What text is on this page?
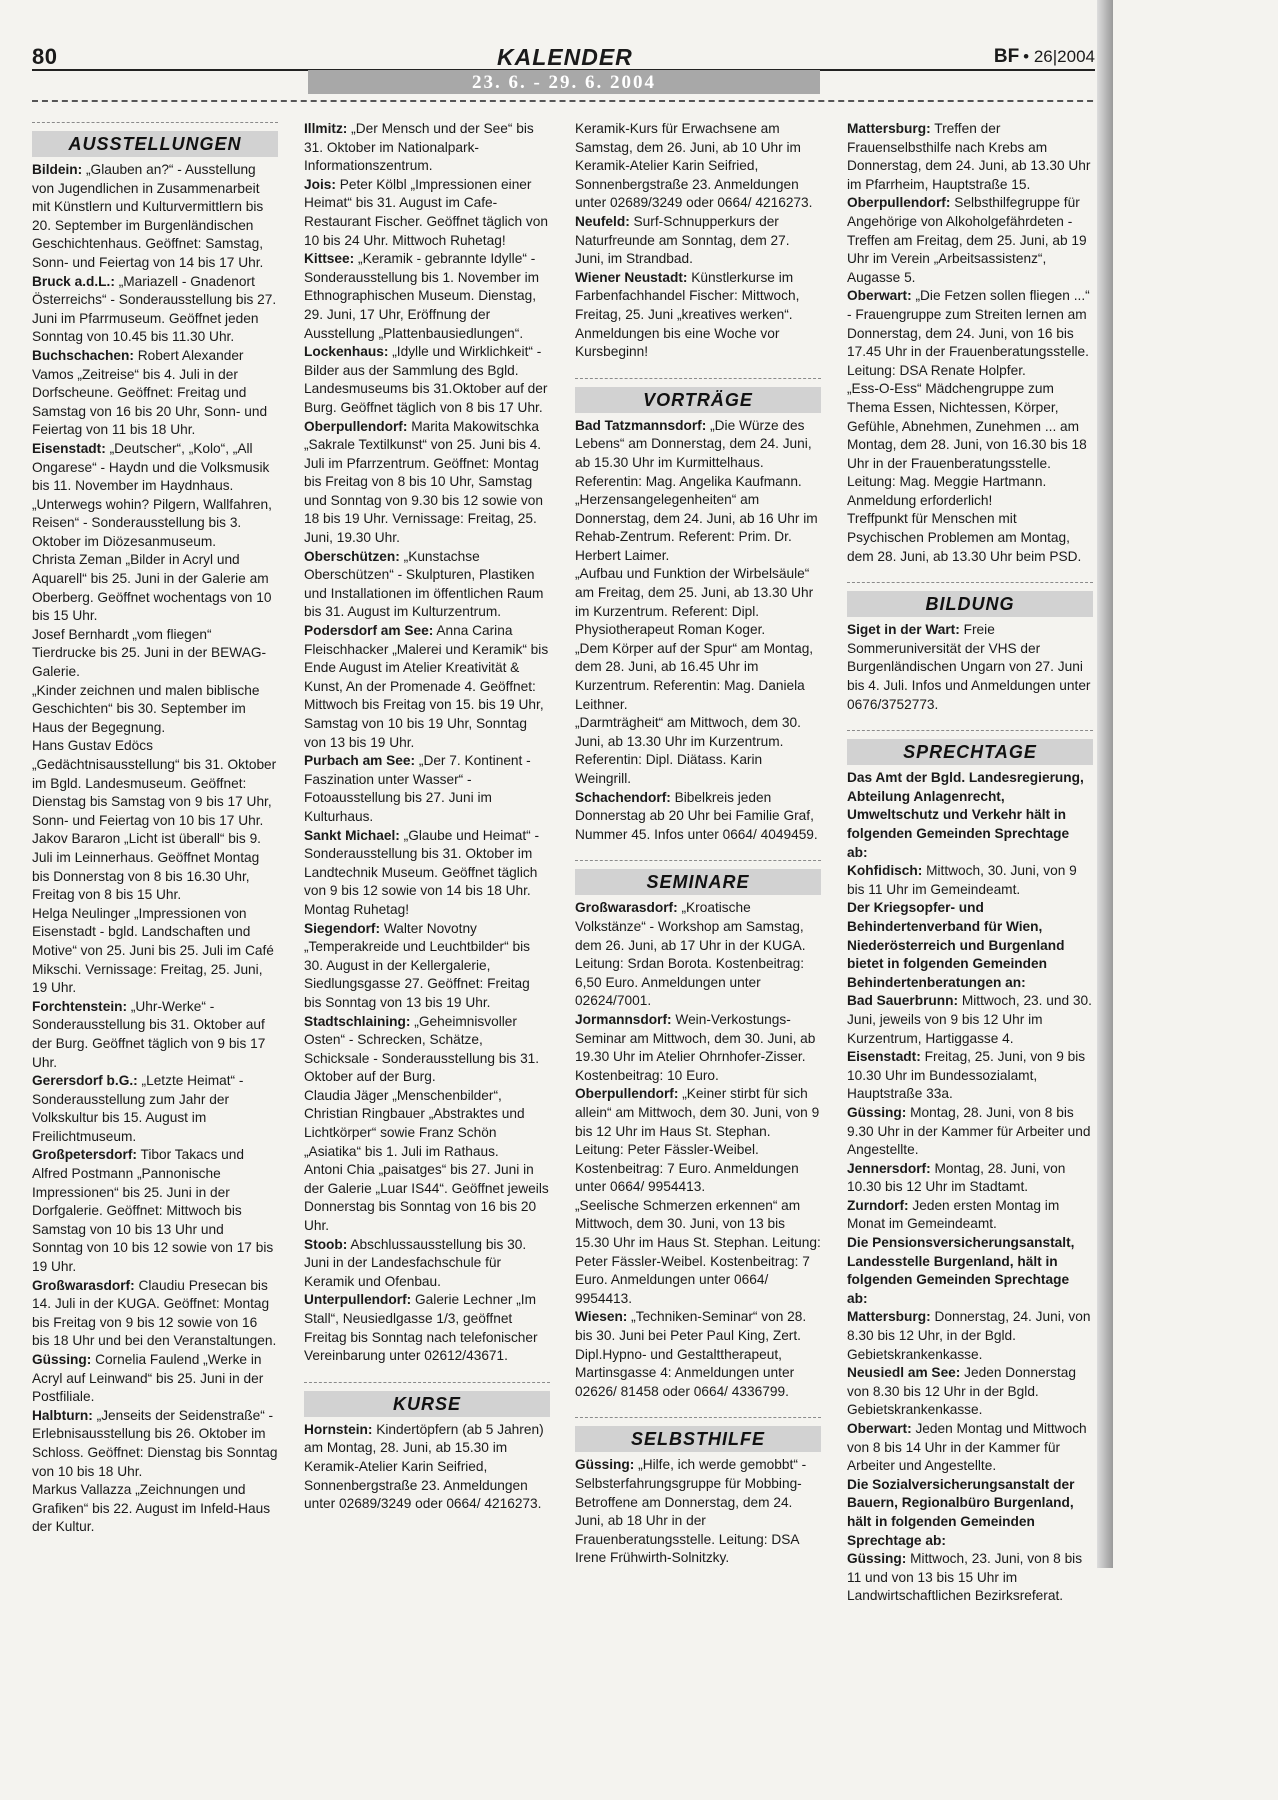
80	KALENDER	BF • 26|2004
23. 6. - 29. 6. 2004
AUSSTELLUNGEN

Bildein: „Glauben an?“ - Ausstellung von Jugendlichen in Zusammenarbeit mit Künstlern und Kulturvermittlern bis 20. September im Burgenländischen Geschichtenhaus. Geöffnet: Samstag, Sonn- und Feiertag von 14 bis 17 Uhr.

Bruck a.d.L.: „Mariazell - Gnadenort Österreichs“ - Sonderausstellung bis 27. Juni im Pfarrmuseum. Geöffnet jeden Sonntag von 10.45 bis 11.30 Uhr.

Buchschachen: Robert Alexander Vamos „Zeitreise“ bis 4. Juli in der Dorfscheune. Geöffnet: Freitag und Samstag von 16 bis 20 Uhr, Sonn- und Feiertag von 11 bis 18 Uhr.

Eisenstadt: „Deutscher“, „Kolo“, „All Ongarese“ - Haydn und die Volksmusik bis 11. November im Haydnhaus.

„Unterwegs wohin? Pilgern, Wallfahren, Reisen“ - Sonderausstellung bis 3. Oktober im Diözesanmuseum.

Christa Zeman „Bilder in Acryl und Aquarell“ bis 25. Juni in der Galerie am Oberberg. Geöffnet wochentags von 10 bis 15 Uhr.

Josef Bernhardt „vom fliegen“ Tierdrucke bis 25. Juni in der BEWAG-Galerie.

„Kinder zeichnen und malen biblische Geschichten“ bis 30. September im Haus der Begegnung.

Hans Gustav Edöcs „Gedächtnisausstellung“ bis 31. Oktober im Bgld. Landesmuseum. Geöffnet: Dienstag bis Samstag von 9 bis 17 Uhr, Sonn- und Feiertag von 10 bis 17 Uhr.

Jakov Bararon „Licht ist überall“ bis 9. Juli im Leinnerhaus. Geöffnet Montag bis Donnerstag von 8 bis 16.30 Uhr, Freitag von 8 bis 15 Uhr.

Helga Neulinger „Impressionen von Eisenstadt - bgld. Landschaften und Motive“ von 25. Juni bis 25. Juli im Café Mikschi. Vernissage: Freitag, 25. Juni, 19 Uhr.

Forchtenstein: „Uhr-Werke“ - Sonderausstellung bis 31. Oktober auf der Burg. Geöffnet täglich von 9 bis 17 Uhr.

Gerersdorf b.G.: „Letzte Heimat“ - Sonderausstellung zum Jahr der Volkskultur bis 15. August im Freilichtmuseum.

Großpetersdorf: Tibor Takacs und Alfred Postmann „Pannonische Impressionen“ bis 25. Juni in der Dorfgalerie. Geöffnet: Mittwoch bis Samstag von 10 bis 13 Uhr und Sonntag von 10 bis 12 sowie von 17 bis 19 Uhr.

Großwarasdorf: Claudiu Presecan bis 14. Juli in der KUGA. Geöffnet: Montag bis Freitag von 9 bis 12 sowie von 16 bis 18 Uhr und bei den Veranstaltungen.

Güssing: Cornelia Faulend „Werke in Acryl auf Leinwand“ bis 25. Juni in der Postfiliale.

Halbturn: „Jenseits der Seidenstraße“ - Erlebnisausstellung bis 26. Oktober im Schloss. Geöffnet: Dienstag bis Sonntag von 10 bis 18 Uhr.

Markus Vallazza „Zeichnungen und Grafiken“ bis 22. August im Infeld-Haus der Kultur.

Illmitz: „Der Mensch und der See“ bis 31. Oktober im Nationalpark-Informationszentrum.

Jois: Peter Kölbl „Impressionen einer Heimat“ bis 31. August im Cafe-Restaurant Fischer. Geöffnet täglich von 10 bis 24 Uhr. Mittwoch Ruhetag!

Kittsee: „Keramik - gebrannte Idylle“ - Sonderausstellung bis 1. November im Ethnographischen Museum. Dienstag, 29. Juni, 17 Uhr, Eröffnung der Ausstellung „Plattenbausiedlungen“.

Lockenhaus: „Idylle und Wirklichkeit“ - Bilder aus der Sammlung des Bgld. Landesmuseums bis 31.Oktober auf der Burg. Geöffnet täglich von 8 bis 17 Uhr.

Oberpullendorf: Marita Makowitschka „Sakrale Textilkunst“ von 25. Juni bis 4. Juli im Pfarrzentrum. Geöffnet: Montag bis Freitag von 8 bis 10 Uhr, Samstag und Sonntag von 9.30 bis 12 sowie von 18 bis 19 Uhr. Vernissage: Freitag, 25. Juni, 19.30 Uhr.

Oberschützen: „Kunstachse Oberschützen“ - Skulpturen, Plastiken und Installationen im öffentlichen Raum bis 31. August im Kulturzentrum.

Podersdorf am See: Anna Carina Fleischhacker „Malerei und Keramik“ bis Ende August im Atelier Kreativität & Kunst, An der Promenade 4. Geöffnet: Mittwoch bis Freitag von 15. bis 19 Uhr, Samstag von 10 bis 19 Uhr, Sonntag von 13 bis 19 Uhr.

Purbach am See: „Der 7. Kontinent - Faszination unter Wasser“ - Fotoausstellung bis 27. Juni im Kulturhaus.

Sankt Michael: „Glaube und Heimat“ - Sonderausstellung bis 31. Oktober im Landtechnik Museum. Geöffnet täglich von 9 bis 12 sowie von 14 bis 18 Uhr. Montag Ruhetag!

Siegendorf: Walter Novotny „Temperakreide und Leuchtbilder“ bis 30. August in der Kellergalerie, Siedlungsgasse 27. Geöffnet: Freitag bis Sonntag von 13 bis 19 Uhr.

Stadtschlaining: „Geheimnisvoller Osten“ - Schrecken, Schätze, Schicksale - Sonderausstellung bis 31. Oktober auf der Burg.

Claudia Jäger „Menschenbilder“, Christian Ringbauer „Abstraktes und Lichtkörper“ sowie Franz Schön „Asiatika“ bis 1. Juli im Rathaus.

Antoni Chia „paisatges“ bis 27. Juni in der Galerie „Luar IS44“. Geöffnet jeweils Donnerstag bis Sonntag von 16 bis 20 Uhr.

Stoob: Abschlussausstellung bis 30. Juni in der Landesfachschule für Keramik und Ofenbau.

Unterpullendorf: Galerie Lechner „Im Stall“, Neusiedlgasse 1/3, geöffnet Freitag bis Sonntag nach telefonischer Vereinbarung unter 02612/43671.

KURSE

Hornstein: Kindertöpfern (ab 5 Jahren) am Montag, 28. Juni, ab 15.30 im Keramik-Atelier Karin Seifried, Sonnenbergstraße 23. Anmeldungen unter 02689/3249 oder 0664/ 4216273.

Keramik-Kurs für Erwachsene am Samstag, dem 26. Juni, ab 10 Uhr im Keramik-Atelier Karin Seifried, Sonnenbergstraße 23. Anmeldungen unter 02689/3249 oder 0664/ 4216273.

Neufeld: Surf-Schnupperkurs der Naturfreunde am Sonntag, dem 27. Juni, im Strandbad.

Wiener Neustadt: Künstlerkurse im Farbenfachhandel Fischer: Mittwoch, Freitag, 25. Juni „kreatives werken“. Anmeldungen bis eine Woche vor Kursbeginn!

VORTRÄGE

Bad Tatzmannsdorf: „Die Würze des Lebens“ am Donnerstag, dem 24. Juni, ab 15.30 Uhr im Kurmittelhaus. Referentin: Mag. Angelika Kaufmann.

„Herzensangelegenheiten“ am Donnerstag, dem 24. Juni, ab 16 Uhr im Rehab-Zentrum. Referent: Prim. Dr. Herbert Laimer.

„Aufbau und Funktion der Wirbelsäule“ am Freitag, dem 25. Juni, ab 13.30 Uhr im Kurzentrum. Referent: Dipl. Physiotherapeut Roman Koger.

„Dem Körper auf der Spur“ am Montag, dem 28. Juni, ab 16.45 Uhr im Kurzentrum. Referentin: Mag. Daniela Leithner.

„Darmträgheit“ am Mittwoch, dem 30. Juni, ab 13.30 Uhr im Kurzentrum. Referentin: Dipl. Diätass. Karin Weingrill.

Schachendorf: Bibelkreis jeden Donnerstag ab 20 Uhr bei Familie Graf, Nummer 45. Infos unter 0664/ 4049459.

SEMINARE

Großwarasdorf: „Kroatische Volkstänze“ - Workshop am Samstag, dem 26. Juni, ab 17 Uhr in der KUGA. Leitung: Srdan Borota. Kostenbeitrag: 6,50 Euro. Anmeldungen unter 02624/7001.

Jormannsdorf: Wein-Verkostungs-Seminar am Mittwoch, dem 30. Juni, ab 19.30 Uhr im Atelier Ohrnhofer-Zisser. Kostenbeitrag: 10 Euro.

Oberpullendorf: „Keiner stirbt für sich allein“ am Mittwoch, dem 30. Juni, von 9 bis 12 Uhr im Haus St. Stephan. Leitung: Peter Fässler-Weibel. Kostenbeitrag: 7 Euro. Anmeldungen unter 0664/ 9954413.

„Seelische Schmerzen erkennen“ am Mittwoch, dem 30. Juni, von 13 bis 15.30 Uhr im Haus St. Stephan. Leitung: Peter Fässler-Weibel. Kostenbeitrag: 7 Euro. Anmeldungen unter 0664/ 9954413.

Wiesen: „Techniken-Seminar“ von 28. bis 30. Juni bei Peter Paul King, Zert. Dipl.Hypno- und Gestalttherapeut, Martinsgasse 4: Anmeldungen unter 02626/ 81458 oder 0664/ 4336799.

SELBSTHILFE

Güssing: „Hilfe, ich werde gemobbt“ - Selbsterfahrungsgruppe für Mobbing-Betroffene am Donnerstag, dem 24. Juni, ab 18 Uhr in der Frauenberatungsstelle. Leitung: DSA Irene Frühwirth-Solnitzky.

Mattersburg: Treffen der Frauenselbsthilfe nach Krebs am Donnerstag, dem 24. Juni, ab 13.30 Uhr im Pfarrheim, Hauptstraße 15.

Oberpullendorf: Selbsthilfegruppe für Angehörige von Alkoholgefährdeten - Treffen am Freitag, dem 25. Juni, ab 19 Uhr im Verein „Arbeitsassistenz“, Augasse 5.

Oberwart: „Die Fetzen sollen fliegen ...“ - Frauengruppe zum Streiten lernen am Donnerstag, dem 24. Juni, von 16 bis 17.45 Uhr in der Frauenberatungsstelle. Leitung: DSA Renate Holpfer.

„Ess-O-Ess“ Mädchengruppe zum Thema Essen, Nichtessen, Körper, Gefühle, Abnehmen, Zunehmen ... am Montag, dem 28. Juni, von 16.30 bis 18 Uhr in der Frauenberatungsstelle. Leitung: Mag. Meggie Hartmann. Anmeldung erforderlich!

Treffpunkt für Menschen mit Psychischen Problemen am Montag, dem 28. Juni, ab 13.30 Uhr beim PSD.

BILDUNG

Siget in der Wart: Freie Sommeruniversität der VHS der Burgenländischen Ungarn von 27. Juni bis 4. Juli. Infos und Anmeldungen unter 0676/3752773.

SPRECHTAGE

Das Amt der Bgld. Landesregierung, Abteilung Anlagenrecht, Umweltschutz und Verkehr hält in folgenden Gemeinden Sprechtage ab:

Kohfidisch: Mittwoch, 30. Juni, von 9 bis 11 Uhr im Gemeindeamt.

Der Kriegsopfer- und Behindertenverband für Wien, Niederösterreich und Burgenland bietet in folgenden Gemeinden Behindertenberatungen an:

Bad Sauerbrunn: Mittwoch, 23. und 30. Juni, jeweils von 9 bis 12 Uhr im Kurzentrum, Hartiggasse 4.

Eisenstadt: Freitag, 25. Juni, von 9 bis 10.30 Uhr im Bundessozialamt, Hauptstraße 33a.

Güssing: Montag, 28. Juni, von 8 bis 9.30 Uhr in der Kammer für Arbeiter und Angestellte.

Jennersdorf: Montag, 28. Juni, von 10.30 bis 12 Uhr im Stadtamt.

Zurndorf: Jeden ersten Montag im Monat im Gemeindeamt.

Die Pensionsversicherungsanstalt, Landesstelle Burgenland, hält in folgenden Gemeinden Sprechtage ab:

Mattersburg: Donnerstag, 24. Juni, von 8.30 bis 12 Uhr, in der Bgld. Gebietskrankenkasse.

Neusiedl am See: Jeden Donnerstag von 8.30 bis 12 Uhr in der Bgld. Gebietskrankenkasse.

Oberwart: Jeden Montag und Mittwoch von 8 bis 14 Uhr in der Kammer für Arbeiter und Angestellte.

Die Sozialversicherungsanstalt der Bauern, Regionalbüro Burgenland, hält in folgenden Gemeinden Sprechtage ab:

Güssing: Mittwoch, 23. Juni, von 8 bis 11 und von 13 bis 15 Uhr im Landwirtschaftlichen Bezirksreferat.
